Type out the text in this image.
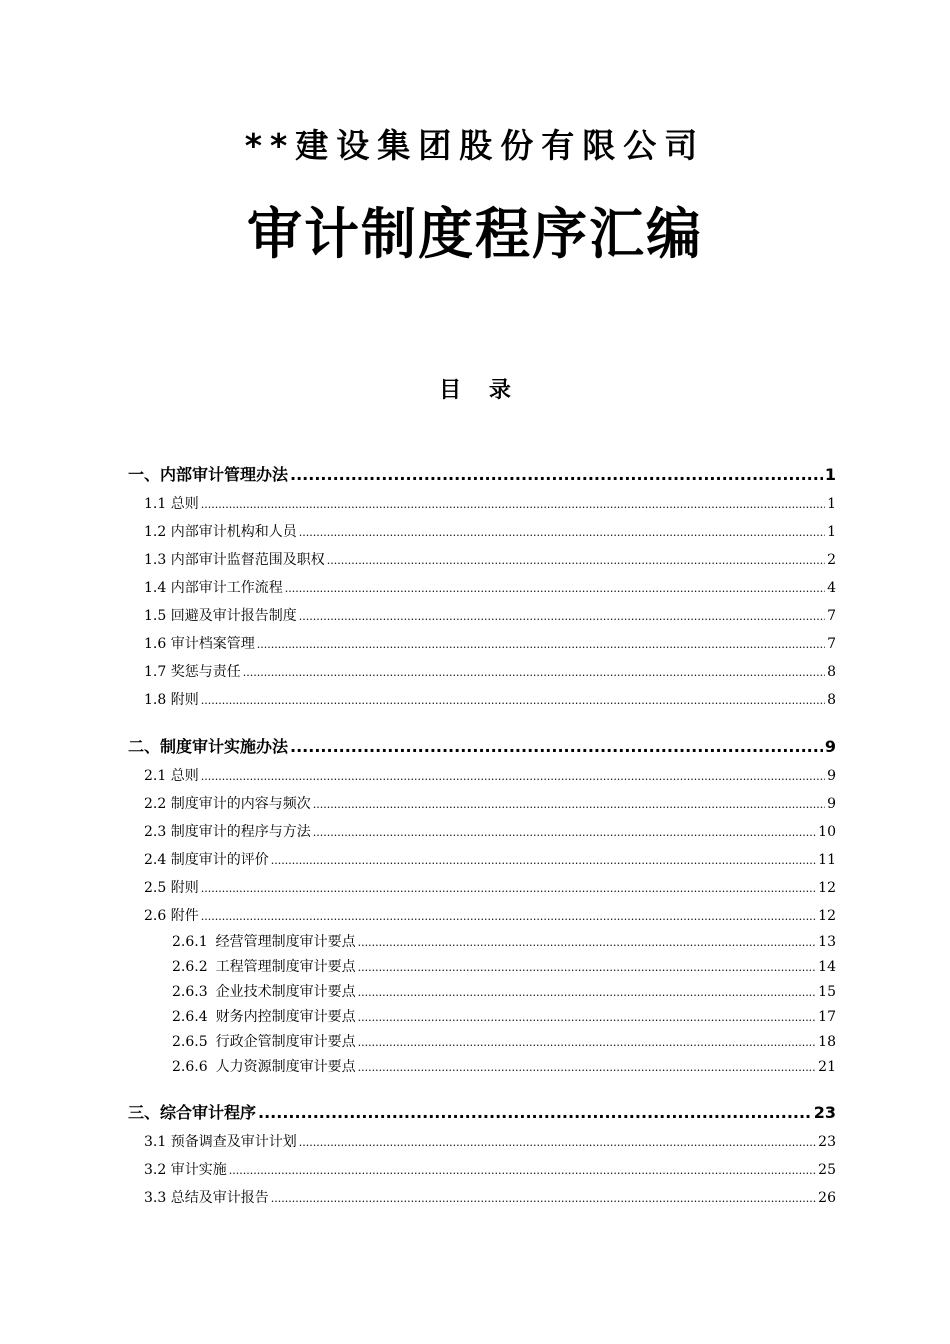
**建设集团股份有限公司
审计制度程序汇编
目 录
一、内部审计管理办法 .....	1
1.1 总则 .....	1
1.2 内部审计机构和人员 .....	1
1.3 内部审计监督范围及职权 .....	2
1.4 内部审计工作流程 .....	4
1.5 回避及审计报告制度 .....	7
1.6 审计档案管理 .....	7
1.7 奖惩与责任 .....	8
1.8 附则 .....	8
二、制度审计实施办法 .....	9
2.1 总则 .....	9
2.2 制度审计的内容与频次 .....	9
2.3 制度审计的程序与方法 .....	10
2.4 制度审计的评价 .....	11
2.5 附则 .....	12
2.6 附件 .....	12
2.6.1 经营管理制度审计要点 .....	13
2.6.2 工程管理制度审计要点 .....	14
2.6.3 企业技术制度审计要点 .....	15
2.6.4 财务内控制度审计要点 .....	17
2.6.5 行政企管制度审计要点 .....	18
2.6.6 人力资源制度审计要点 .....	21
三、综合审计程序 .....	23
3.1 预备调查及审计计划 .....	23
3.2 审计实施 .....	25
3.3 总结及审计报告 .....	26
